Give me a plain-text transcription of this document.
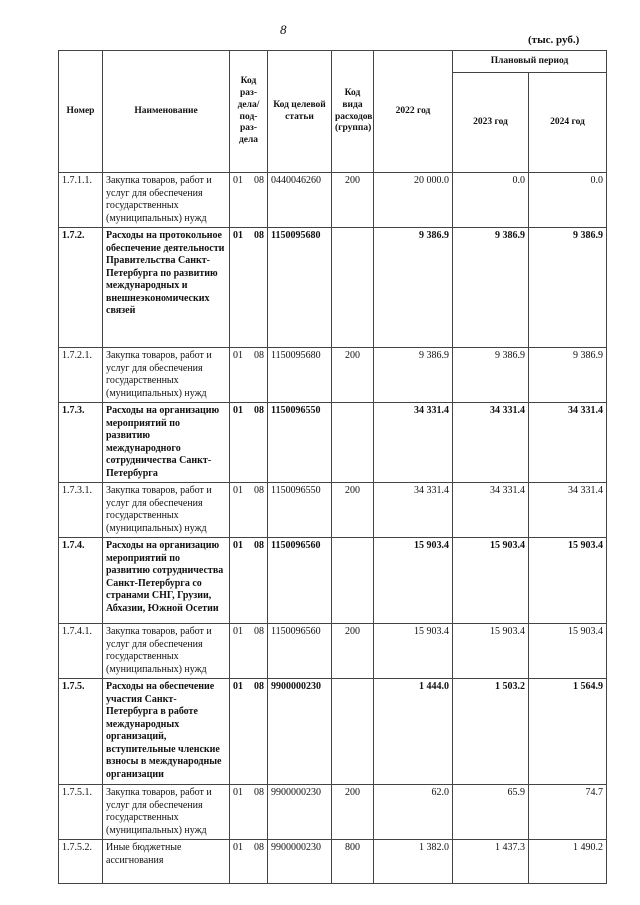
8
(тыс. руб.)
Номер	Наименование	Код раз-дела/ под-раз-дела	Код целевой статьи	Код вида расходов (группа)	2022 год	Плановый период	
						2023 год	2024 год
1.7.1.1.	Закупка товаров, работ и услуг для обеспечения государственных (муниципальных) нужд	01 08	0440046260	200	20 000.0	0.0	0.0
1.7.2.	Расходы на протокольное обеспечение деятельности Правительства Санкт-Петербурга по развитию международных и внешнеэкономических связей	01 08	1150095680		9 386.9	9 386.9	9 386.9
1.7.2.1.	Закупка товаров, работ и услуг для обеспечения государственных (муниципальных) нужд	01 08	1150095680	200	9 386.9	9 386.9	9 386.9
1.7.3.	Расходы на организацию мероприятий по развитию международного сотрудничества Санкт-Петербурга	01 08	1150096550		34 331.4	34 331.4	34 331.4
1.7.3.1.	Закупка товаров, работ и услуг для обеспечения государственных (муниципальных) нужд	01 08	1150096550	200	34 331.4	34 331.4	34 331.4
1.7.4.	Расходы на организацию мероприятий по развитию сотрудничества Санкт-Петербурга со странами СНГ, Грузии, Абхазии, Южной Осетии	01 08	1150096560		15 903.4	15 903.4	15 903.4
1.7.4.1.	Закупка товаров, работ и услуг для обеспечения государственных (муниципальных) нужд	01 08	1150096560	200	15 903.4	15 903.4	15 903.4
1.7.5.	Расходы на обеспечение участия Санкт-Петербурга в работе международных организаций, вступительные членские взносы в международные организации	01 08	9900000230		1 444.0	1 503.2	1 564.9
1.7.5.1.	Закупка товаров, работ и услуг для обеспечения государственных (муниципальных) нужд	01 08	9900000230	200	62.0	65.9	74.7
1.7.5.2.	Иные бюджетные ассигнования	01 08	9900000230	800	1 382.0	1 437.3	1 490.2
